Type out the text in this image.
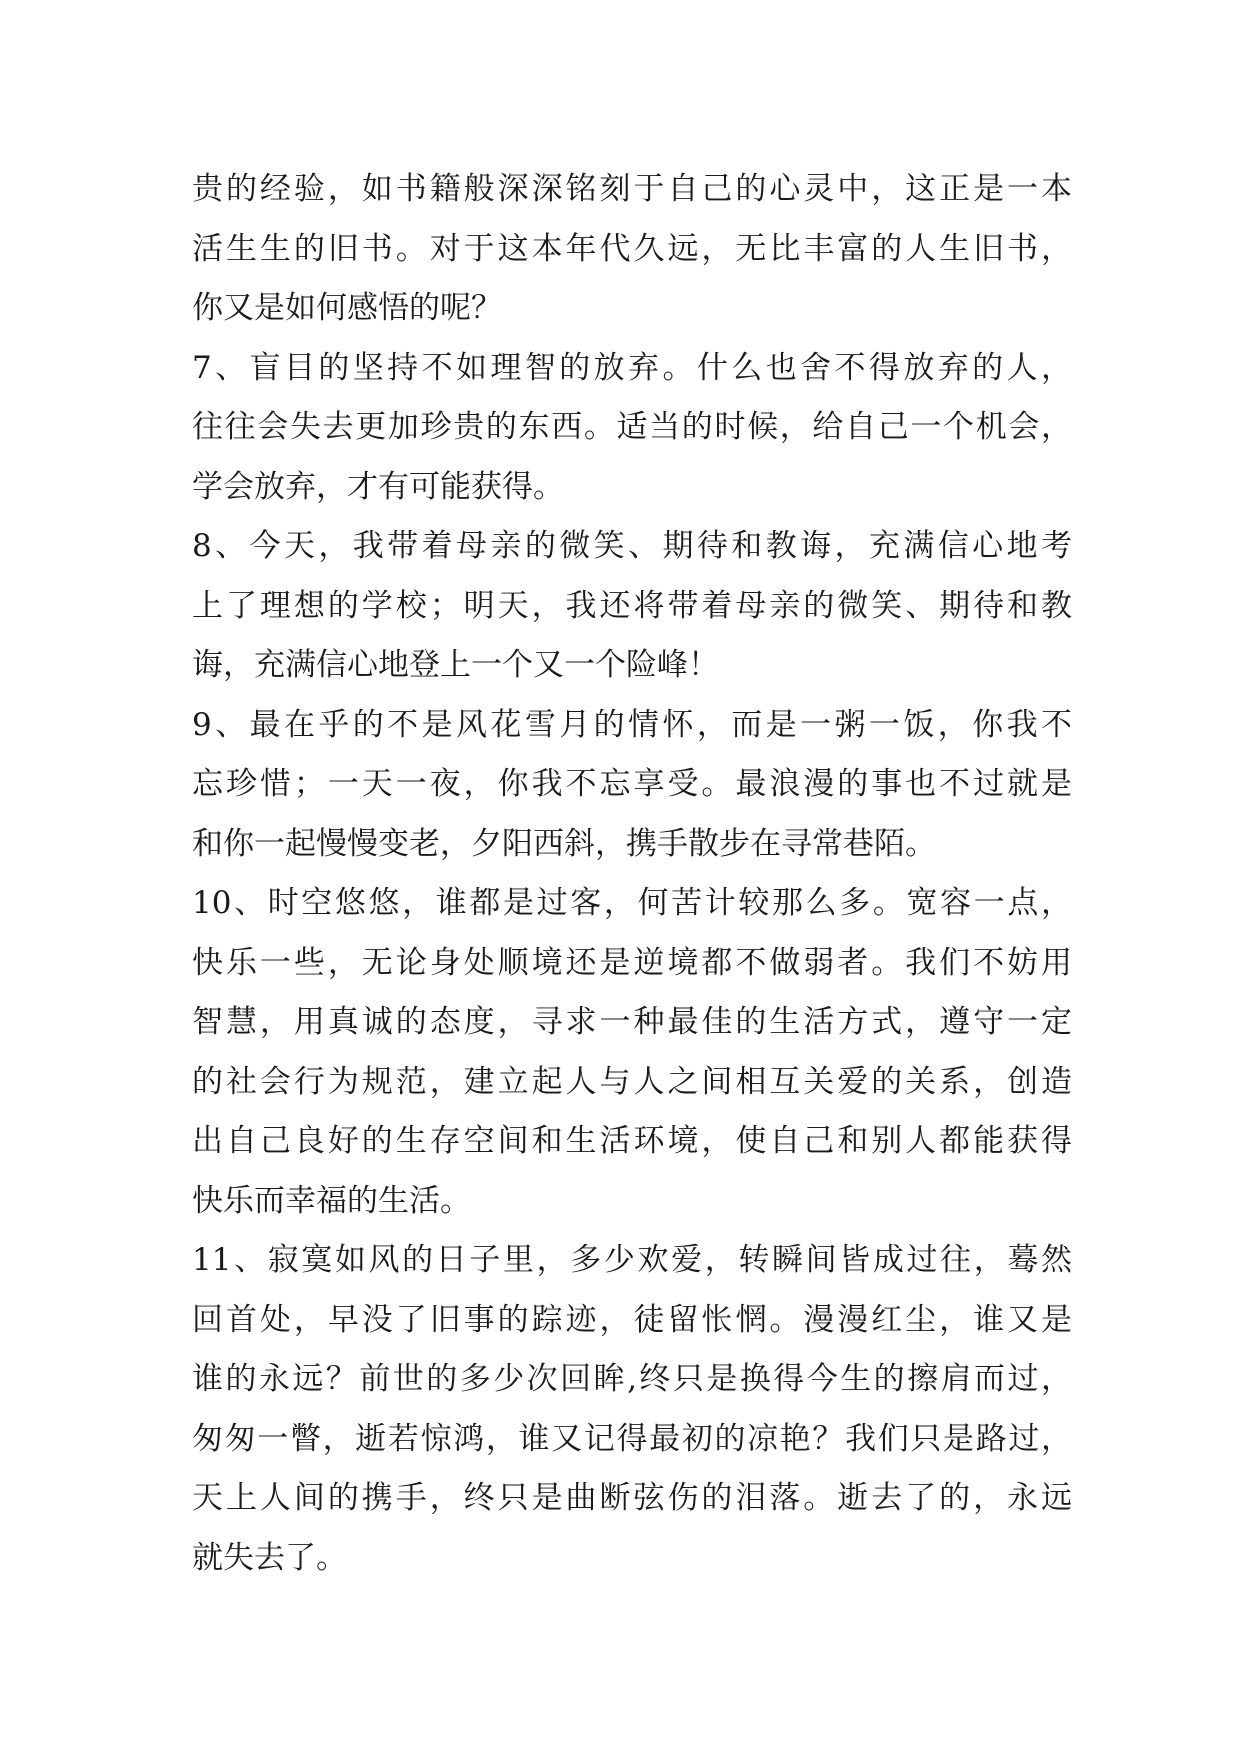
贵的经验，如书籍般深深铭刻于自己的心灵中，这正是一本
活生生的旧书。对于这本年代久远，无比丰富的人生旧书，
你又是如何感悟的呢？
7、盲目的坚持不如理智的放弃。什么也舍不得放弃的人，
往往会失去更加珍贵的东西。适当的时候，给自己一个机会，
学会放弃，才有可能获得。
8、今天，我带着母亲的微笑、期待和教诲，充满信心地考
上了理想的学校；明天，我还将带着母亲的微笑、期待和教
诲，充满信心地登上一个又一个险峰！
9、最在乎的不是风花雪月的情怀，而是一粥一饭，你我不
忘珍惜；一天一夜，你我不忘享受。最浪漫的事也不过就是
和你一起慢慢变老，夕阳西斜，携手散步在寻常巷陌。
10、时空悠悠，谁都是过客，何苦计较那么多。宽容一点，
快乐一些，无论身处顺境还是逆境都不做弱者。我们不妨用
智慧，用真诚的态度，寻求一种最佳的生活方式，遵守一定
的社会行为规范，建立起人与人之间相互关爱的关系，创造
出自己良好的生存空间和生活环境，使自己和别人都能获得
快乐而幸福的生活。
11、寂寞如风的日子里，多少欢爱，转瞬间皆成过往，蓦然
回首处，早没了旧事的踪迹，徒留怅惘。漫漫红尘，谁又是
谁的永远？前世的多少次回眸,终只是换得今生的擦肩而过，
匆匆一瞥，逝若惊鸿，谁又记得最初的凉艳？我们只是路过，
天上人间的携手，终只是曲断弦伤的泪落。逝去了的，永远
就失去了。
